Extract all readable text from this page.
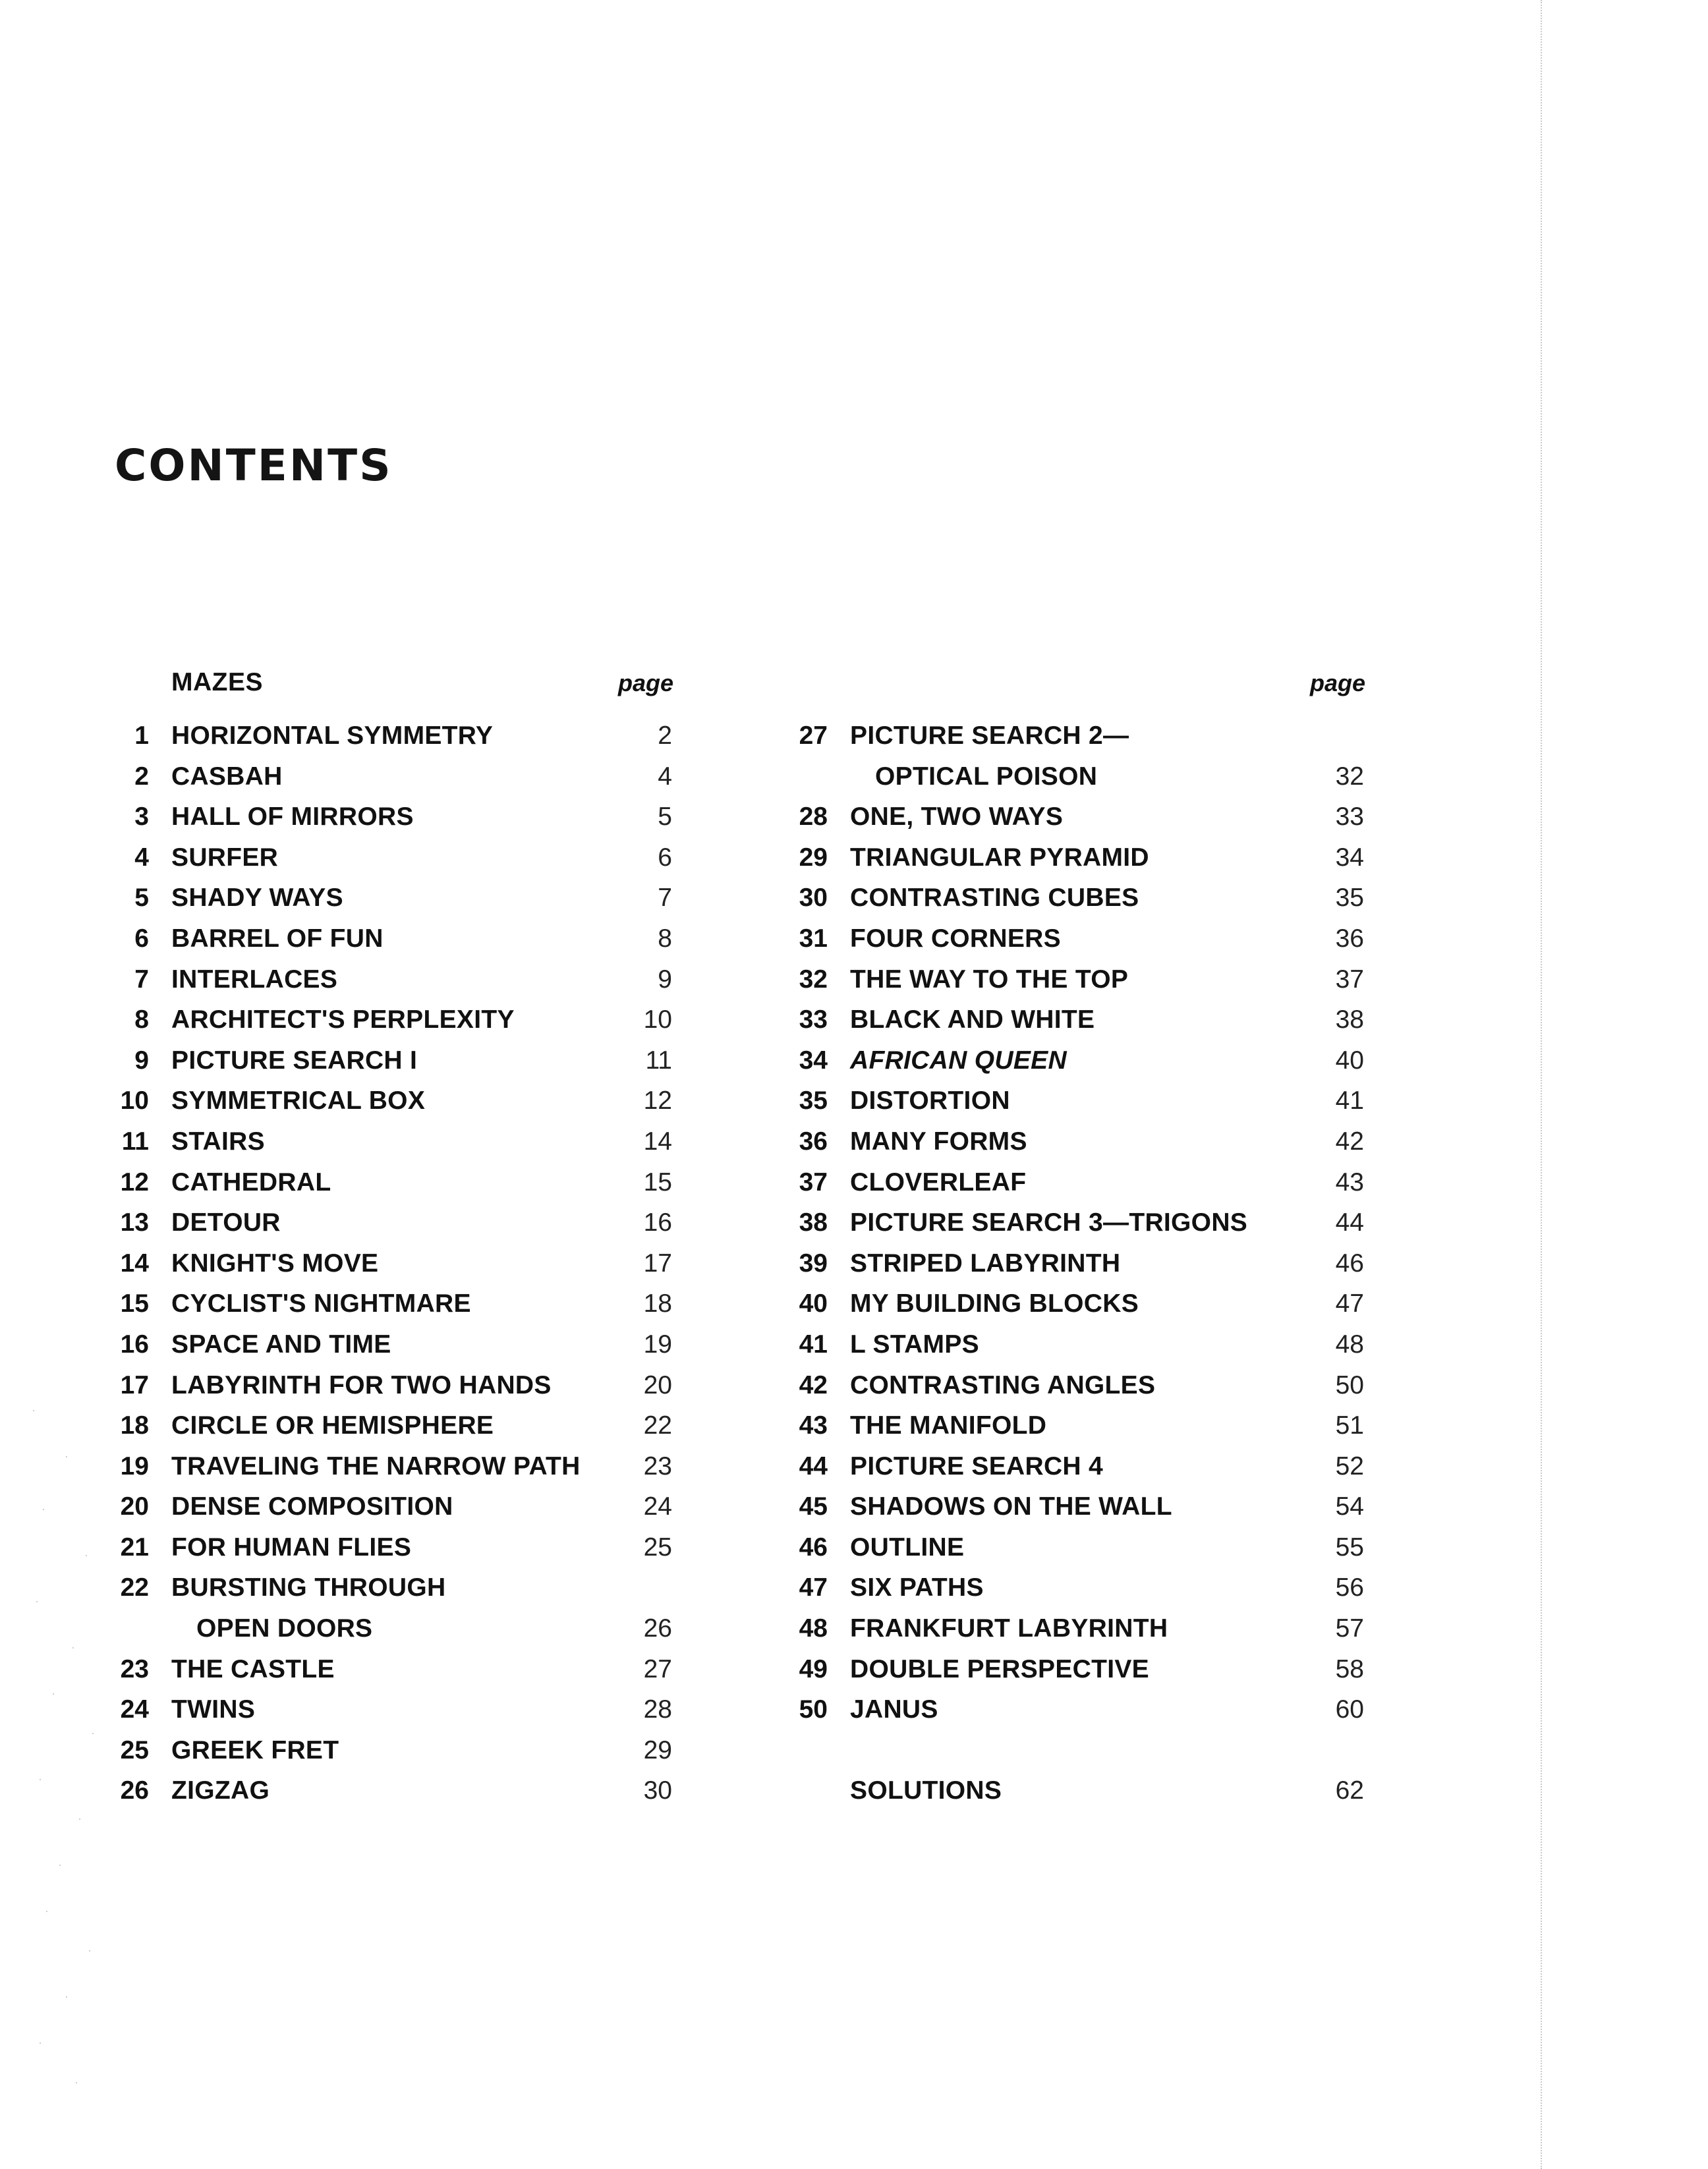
CONTENTS
MAZES	page
1 HORIZONTAL SYMMETRY	2
2 CASBAH	4
3 HALL OF MIRRORS	5
4 SURFER	6
5 SHADY WAYS	7
6 BARREL OF FUN	8
7 INTERLACES	9
8 ARCHITECT'S PERPLEXITY	10
9 PICTURE SEARCH I	11
10 SYMMETRICAL BOX	12
11 STAIRS	14
12 CATHEDRAL	15
13 DETOUR	16
14 KNIGHT'S MOVE	17
15 CYCLIST'S NIGHTMARE	18
16 SPACE AND TIME	19
17 LABYRINTH FOR TWO HANDS	20
18 CIRCLE OR HEMISPHERE	22
19 TRAVELING THE NARROW PATH 23
20 DENSE COMPOSITION	24
21 FOR HUMAN FLIES	25
22 BURSTING THROUGH
OPEN DOORS	26
23 THE CASTLE	27
24 TWINS	28
25 GREEK FRET	29
26 ZIGZAG	30
page
27 PICTURE SEARCH 2—
OPTICAL POISON	32
28 ONE, TWO WAYS	33
29 TRIANGULAR PYRAMID	34
30 CONTRASTING CUBES	35
31 FOUR CORNERS	36
32 THE WAY TO THE TOP	37
33 BLACK AND WHITE	38
34 AFRICAN QUEEN	40
35 DISTORTION	41
36 MANY FORMS	42
37 CLOVERLEAF	43
38 PICTURE SEARCH 3—TRIGONS	44
39 STRIPED LABYRINTH	46
40 MY BUILDING BLOCKS	47
41 L STAMPS	48
42 CONTRASTING ANGLES	50
43 THE MANIFOLD	51
44 PICTURE SEARCH 4	52
45 SHADOWS ON THE WALL	54
46 OUTLINE	55
47 SIX PATHS	56
48 FRANKFURT LABYRINTH	57
49 DOUBLE PERSPECTIVE	58
50 JANUS	60
SOLUTIONS	62
